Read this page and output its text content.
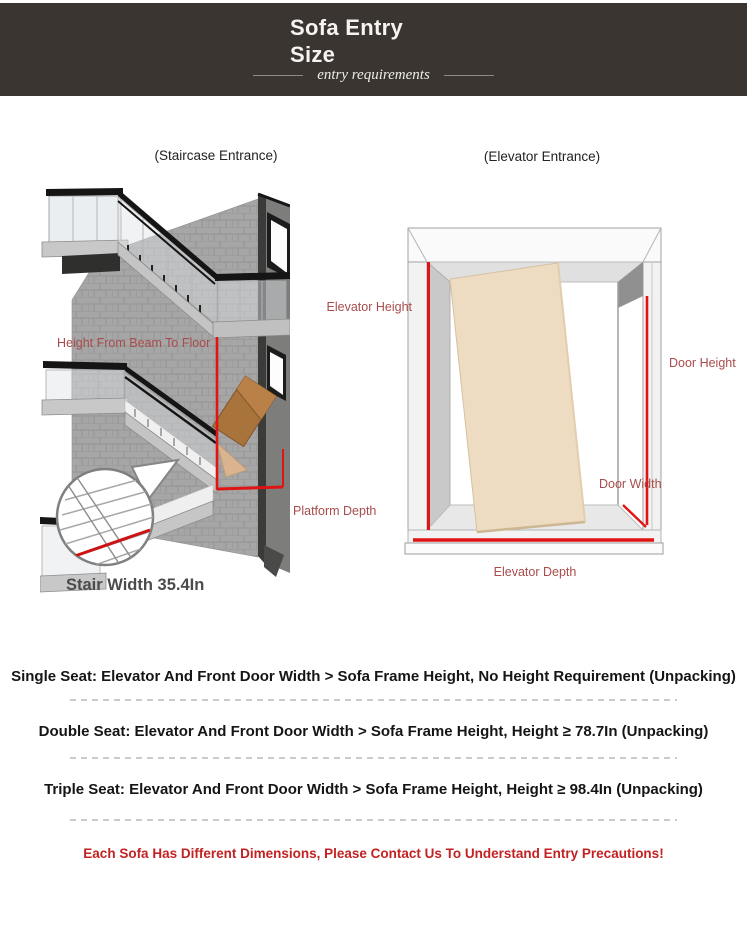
Sofa Entry
Size
entry requirements
(Staircase Entrance)	(Elevator Entrance)
Height From Beam To Floor
Platform Depth
Stair Width 35.4In
Elevator Height
Door Height
Door Width
Elevator Depth
Single Seat: Elevator And Front Door Width > Sofa Frame Height, No Height Requirement (Unpacking)
Double Seat: Elevator And Front Door Width > Sofa Frame Height, Height ≥ 78.7In (Unpacking)
Triple Seat: Elevator And Front Door Width > Sofa Frame Height, Height ≥ 98.4In (Unpacking)
Each Sofa Has Different Dimensions, Please Contact Us To Understand Entry Precautions!
